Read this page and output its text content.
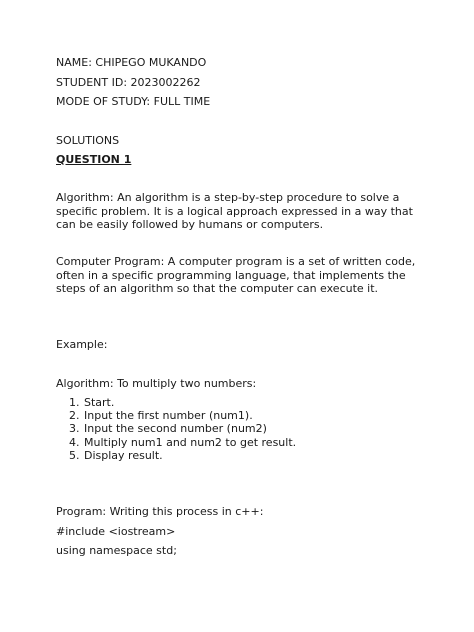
NAME: CHIPEGO MUKANDO
STUDENT ID: 2023002262
MODE OF STUDY: FULL TIME
SOLUTIONS
QUESTION 1
Algorithm: An algorithm is a step-by-step procedure to solve a specific problem. It is a logical approach expressed in a way that can be easily followed by humans or computers.
Computer Program: A computer program is a set of written code, often in a specific programming language, that implements the steps of an algorithm so that the computer can execute it.
Example:
Algorithm: To multiply two numbers:
1. Start.
2. Input the first number (num1).
3. Input the second number (num2)
4. Multiply num1 and num2 to get result.
5. Display result.
Program: Writing this process in c++:
#include <iostream>
using namespace std;
